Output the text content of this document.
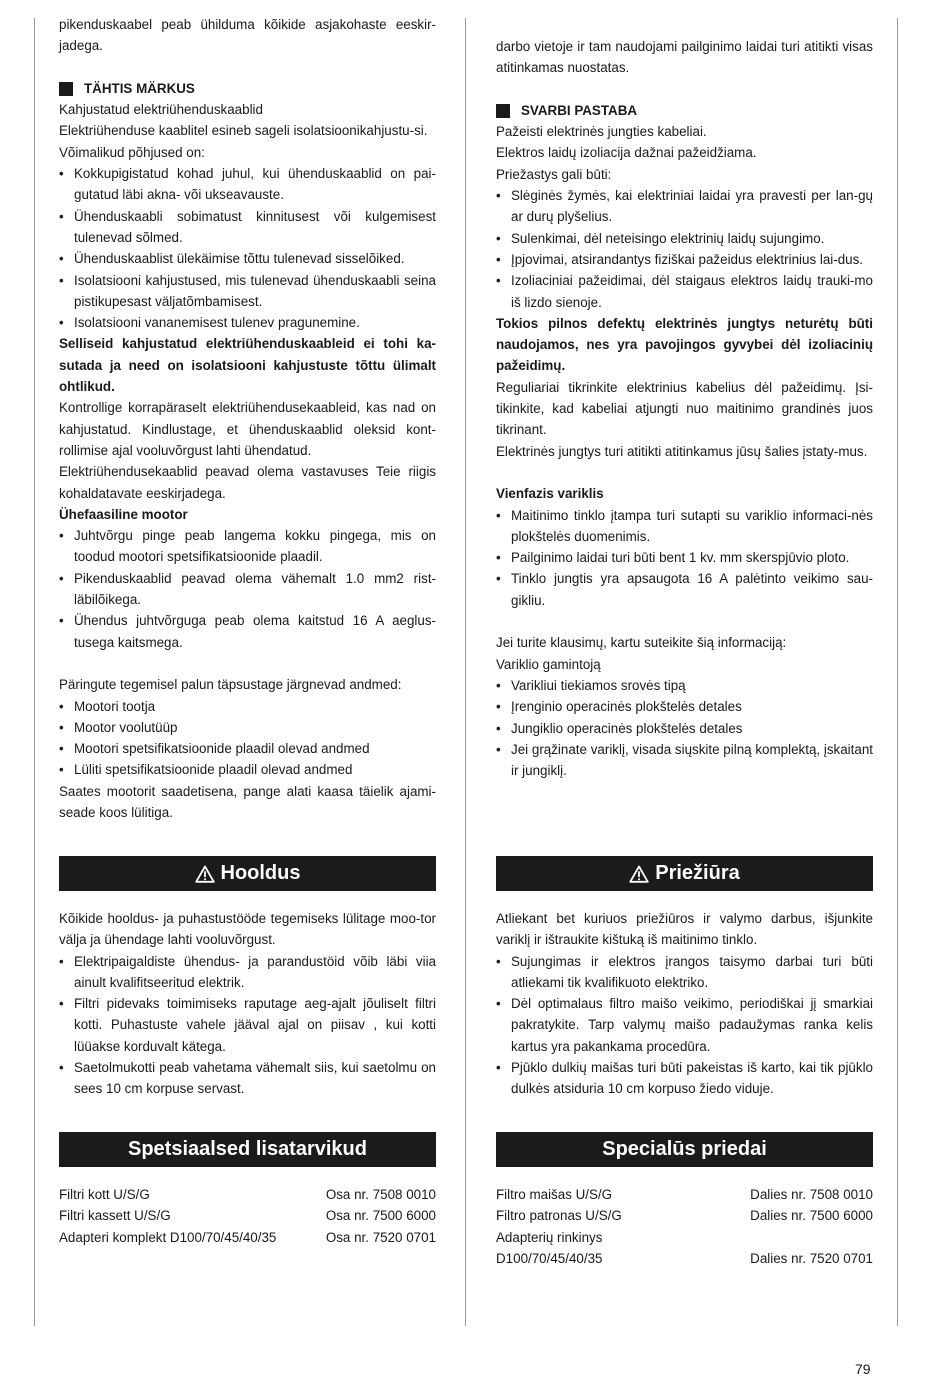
pikenduskaabel peab ühilduma kõikide asjakohaste eeskir-jadega.

TÄHTIS MÄRKUS

Kahjustatud elektriühenduskaablid

Elektriühenduse kaablitel esineb sageli isolatsioonikahjustu-si.

Võimalikud põhjused on:

• Kokkupigistatud kohad juhul, kui ühenduskaablid on pai-gutatud läbi akna- või ukseavauste.
• Ühenduskaabli sobimatust kinnitusest või kulgemisest tulenevad sõlmed.
• Ühenduskaablist ülekäimise tõttu tulenevad sisselõiked.
• Isolatsiooni kahjustused, mis tulenevad ühenduskaabli seina pistikupesast väljatõmbamisest.
• Isolatsiooni vananemisest tulenev pragunemine.

Selliseid kahjustatud elektriühenduskaableid ei tohi ka-sutada ja need on isolatsiooni kahjustuste tõttu ülimalt ohtlikud.

Kontrollige korrapäraselt elektriühendusekaableid, kas nad on kahjustatud. Kindlustage, et ühenduskaablid oleksid kont-rollimise ajal vooluvõrgust lahti ühendatud.

Elektriühendusekaablid peavad olema vastavuses Teie riigis kohaldatavate eeskirjadega.

Ühefaasiline mootor

• Juhtvõrgu pinge peab langema kokku pingega, mis on toodud mootori spetsifikatsioonide plaadil.
• Pikenduskaablid peavad olema vähemalt 1.0 mm2 rist-läbilõikega.
• Ühendus juhtvõrguga peab olema kaitstud 16 A aeglus-tusega kaitsmega.

Päringute tegemisel palun täpsustage järgnevad andmed:

• Mootori tootja
• Mootor voolutüüp
• Mootori spetsifikatsioonide plaadil olevad andmed
• Lüliti spetsifikatsioonide plaadil olevad andmed

Saates mootorit saadetisena, pange alati kaasa täielik ajami-seade koos lülitiga.

Hooldus

Kõikide hooldus- ja puhastustööde tegemiseks lülitage moo-tor välja ja ühendage lahti vooluvõrgust.

• Elektripaigaldiste ühendus- ja parandustöid võib läbi viia ainult kvalifitseeritud elektrik.
• Filtri pidevaks toimimiseks raputage aeg-ajalt jõuliselt filtri kotti. Puhastuste vahele jääval ajal on piisav , kui kotti lüüakse korduvalt kätega.
• Saetolmukotti peab vahetama vähemalt siis, kui saetolmu on sees 10 cm korpuse servast.
Spetsiaalsed lisatarvikud
Filtri kott U/S/G	Osa nr. 7508 0010
Filtri kassett U/S/G	Osa nr. 7500 6000
Adapteri komplekt D100/70/45/40/35	Osa nr. 7520 0701

darbo vietoje ir tam naudojami pailginimo laidai turi atitikti visas atitinkamas nuostatas.

SVARBI PASTABA

Pažeisti elektrinės jungties kabeliai.

Elektros laidų izoliacija dažnai pažeidžiama.

Priežastys gali būti:

• Slėginės žymės, kai elektriniai laidai yra pravesti per lan-gų ar durų plyšelius.
• Sulenkimai, dėl neteisingo elektrinių laidų sujungimo.
• Įpjovimai, atsirandantys fiziškai pažeidus elektrinius lai-dus.
• Izoliaciniai pažeidimai, dėl staigaus elektros laidų trauki-mo iš lizdo sienoje.

Tokios pilnos defektų elektrinės jungtys neturėtų būti naudojamos, nes yra pavojingos gyvybei dėl izoliacinių pažeidimų.

Reguliariai tikrinkite elektrinius kabelius dėl pažeidimų. Įsi-tikinkite, kad kabeliai atjungti nuo maitinimo grandinės juos tikrinant.

Elektrinės jungtys turi atitikti atitinkamus jūsų šalies įstaty-mus.

Vienfazis variklis

• Maitinimo tinklo įtampa turi sutapti su variklio informaci-nės plokštelės duomenimis.
• Pailginimo laidai turi būti bent 1 kv. mm skerspjūvio ploto.
• Tinklo jungtis yra apsaugota 16 A palėtinto veikimo sau-gikliu.

Jei turite klausimų, kartu suteikite šią informaciją:

Variklio gamintoją

• Varikliui tiekiamos srovės tipą
• Įrenginio operacinės plokštelės detales
• Jungiklio operacinės plokštelės detales
• Jei grąžinate variklį, visada siųskite pilną komplektą, įskaitant ir jungiklį.
Priežiūra

Atliekant bet kuriuos priežiūros ir valymo darbus, išjunkite variklį ir ištraukite kištuką iš maitinimo tinklo.

• Sujungimas ir elektros įrangos taisymo darbai turi būti atliekami tik kvalifikuoto elektriko.
• Dėl optimalaus filtro maišo veikimo, periodiškai jį smarkiai pakratykite. Tarp valymų maišo padaužymas ranka kelis kartus yra pakankama procedūra.
• Pjūklo dulkių maišas turi būti pakeistas iš karto, kai tik pjūklo dulkės atsiduria 10 cm korpuso žiedo viduje.
Specialūs priedai
Filtro maišas U/S/G	Dalies nr. 7508 0010
Filtro patronas U/S/G	Dalies nr. 7500 6000
Adapterių rinkinys
D100/70/45/40/35	Dalies nr. 7520 0701
79
